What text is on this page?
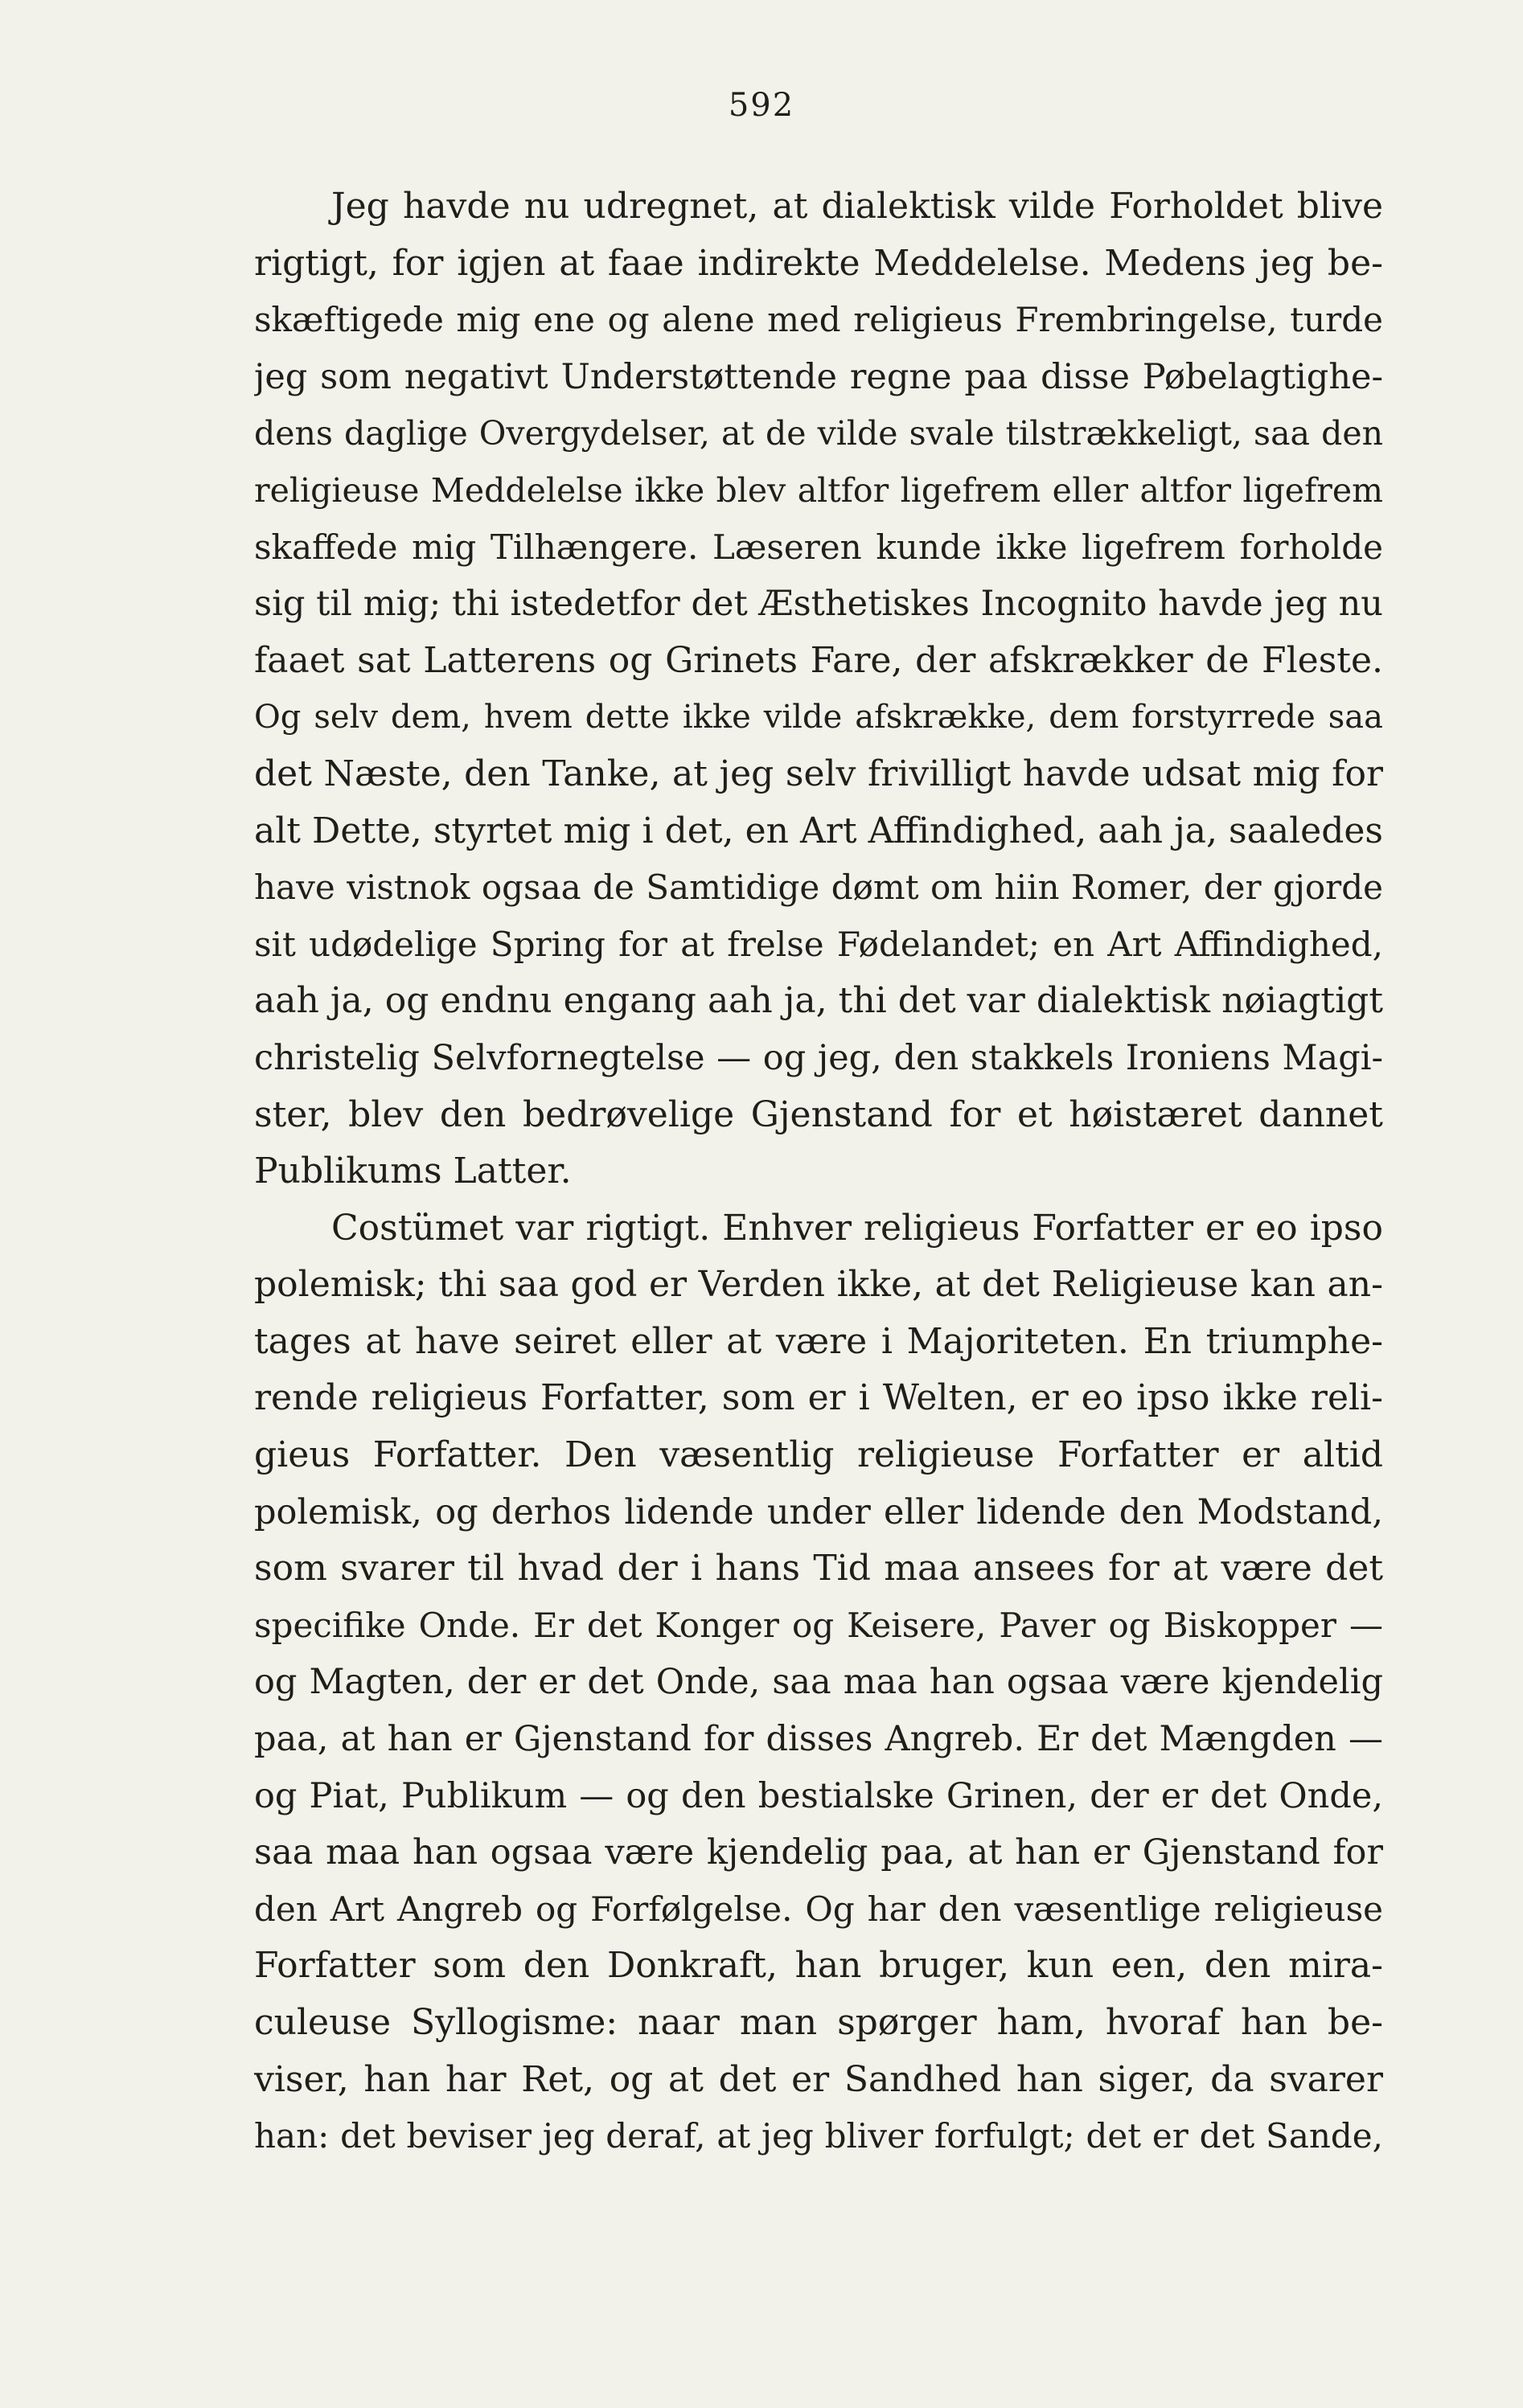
592
Jeg havde nu udregnet, at dialektisk vilde Forholdet blive
rigtigt, for igjen at faae indirekte Meddelelse. Medens jeg be-
skæftigede mig ene og alene med religieus Frembringelse, turde
jeg som negativt Understøttende regne paa disse Pøbelagtighe-
dens daglige Overgydelser, at de vilde svale tilstrækkeligt, saa den
religieuse Meddelelse ikke blev altfor ligefrem eller altfor ligefrem
skaffede mig Tilhængere. Læseren kunde ikke ligefrem forholde
sig til mig; thi istedetfor det Æsthetiskes Incognito havde jeg nu
faaet sat Latterens og Grinets Fare, der afskrækker de Fleste.
Og selv dem, hvem dette ikke vilde afskrække, dem forstyrrede saa
det Næste, den Tanke, at jeg selv frivilligt havde udsat mig for
alt Dette, styrtet mig i det, en Art Affindighed, aah ja, saaledes
have vistnok ogsaa de Samtidige dømt om hiin Romer, der gjorde
sit udødelige Spring for at frelse Fødelandet; en Art Affindighed,
aah ja, og endnu engang aah ja, thi det var dialektisk nøiagtigt
christelig Selvfornegtelse — og jeg, den stakkels Ironiens Magi-
ster, blev den bedrøvelige Gjenstand for et høistæret dannet
Publikums Latter.
Costümet var rigtigt. Enhver religieus Forfatter er eo ipso
polemisk; thi saa god er Verden ikke, at det Religieuse kan an-
tages at have seiret eller at være i Majoriteten. En triumphe-
rende religieus Forfatter, som er i Welten, er eo ipso ikke reli-
gieus Forfatter. Den væsentlig religieuse Forfatter er altid
polemisk, og derhos lidende under eller lidende den Modstand,
som svarer til hvad der i hans Tid maa ansees for at være det
specifike Onde. Er det Konger og Keisere, Paver og Biskopper —
og Magten, der er det Onde, saa maa han ogsaa være kjendelig
paa, at han er Gjenstand for disses Angreb. Er det Mængden —
og Piat, Publikum — og den bestialske Grinen, der er det Onde,
saa maa han ogsaa være kjendelig paa, at han er Gjenstand for
den Art Angreb og Forfølgelse. Og har den væsentlige religieuse
Forfatter som den Donkraft, han bruger, kun een, den mira-
culeuse Syllogisme: naar man spørger ham, hvoraf han be-
viser, han har Ret, og at det er Sandhed han siger, da svarer
han: det beviser jeg deraf, at jeg bliver forfulgt; det er det Sande,
